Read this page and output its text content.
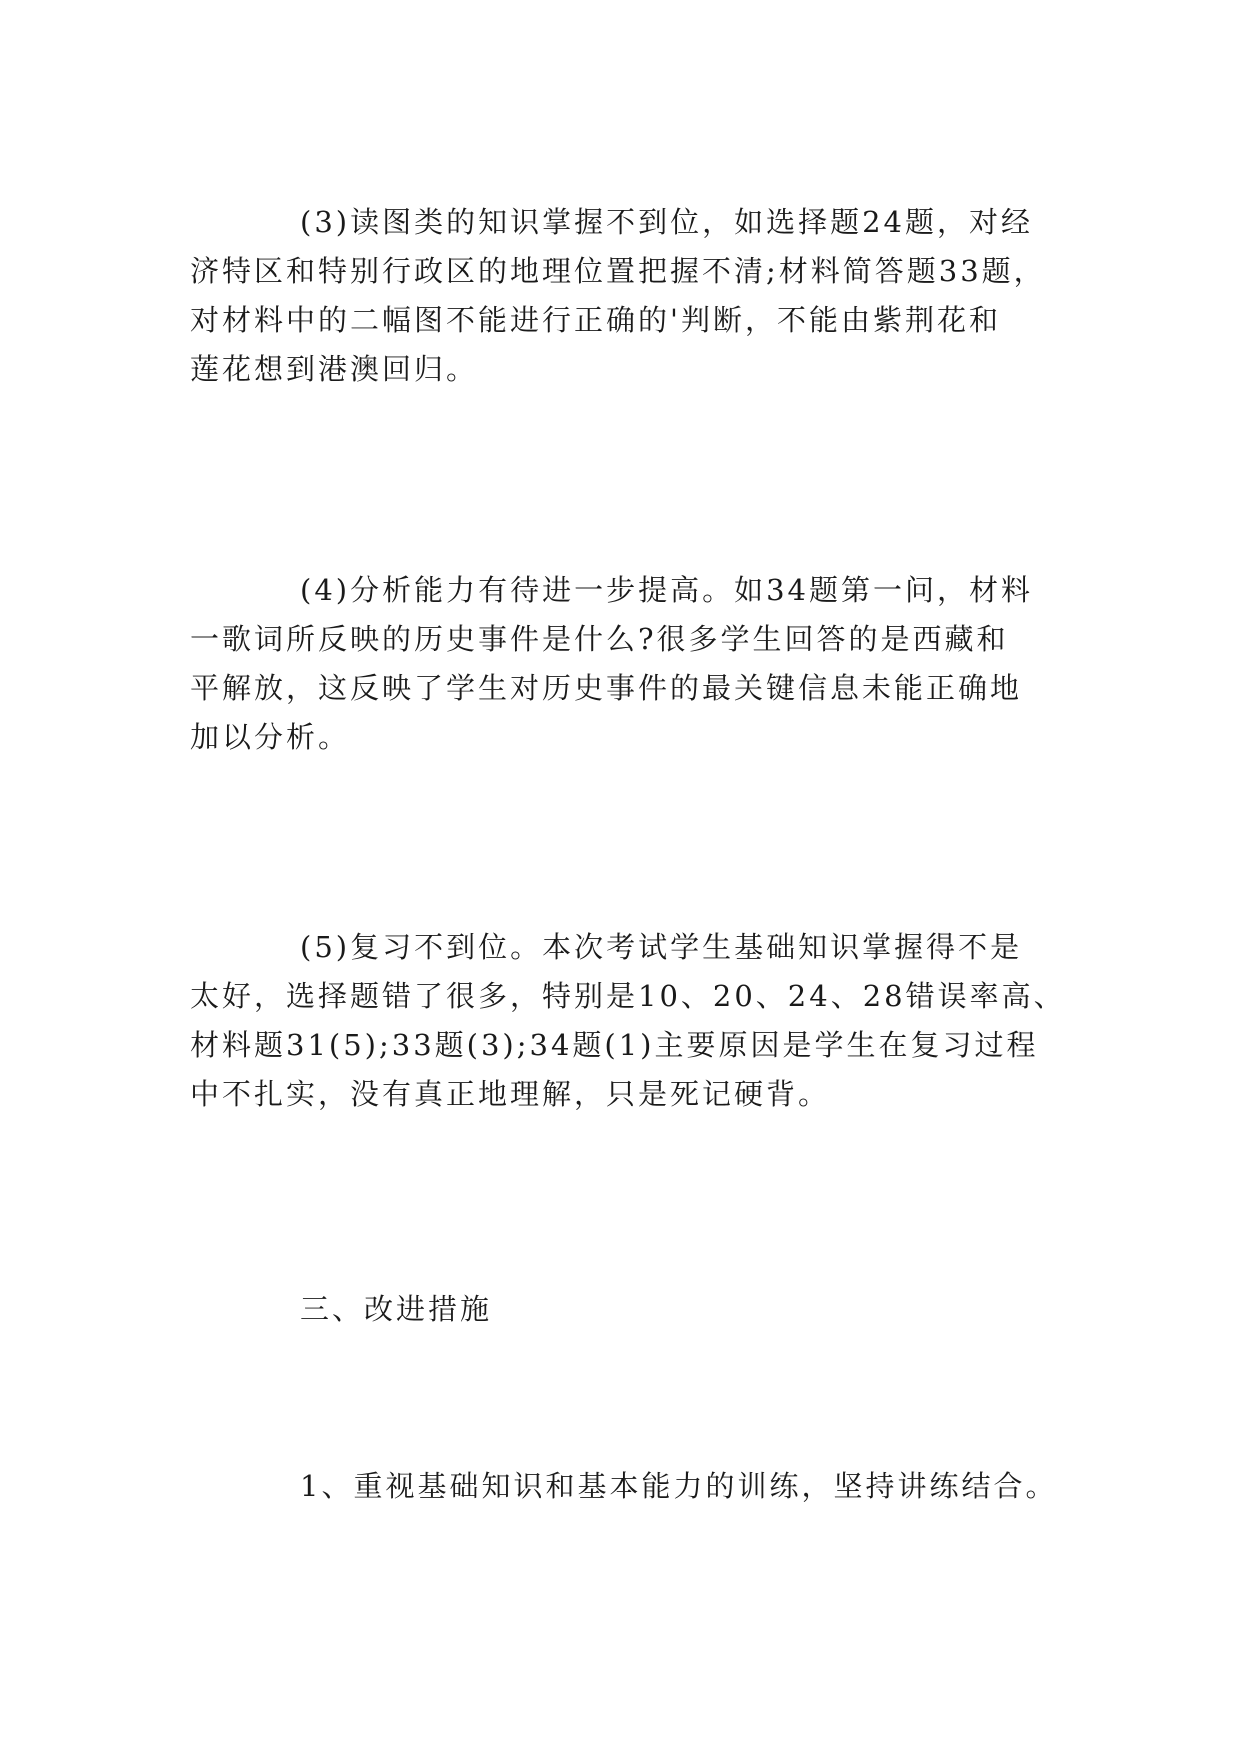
(3)读图类的知识掌握不到位，如选择题24题，对经
济特区和特别行政区的地理位置把握不清;材料简答题33题，
对材料中的二幅图不能进行正确的'判断，不能由紫荆花和
莲花想到港澳回归。
(4)分析能力有待进一步提高。如34题第一问，材料
一歌词所反映的历史事件是什么?很多学生回答的是西藏和
平解放，这反映了学生对历史事件的最关键信息未能正确地
加以分析。
(5)复习不到位。本次考试学生基础知识掌握得不是
太好，选择题错了很多，特别是10、20、24、28错误率高、
材料题31(5);33题(3);34题(1)主要原因是学生在复习过程
中不扎实，没有真正地理解，只是死记硬背。
三、改进措施
1、重视基础知识和基本能力的训练，坚持讲练结合。
